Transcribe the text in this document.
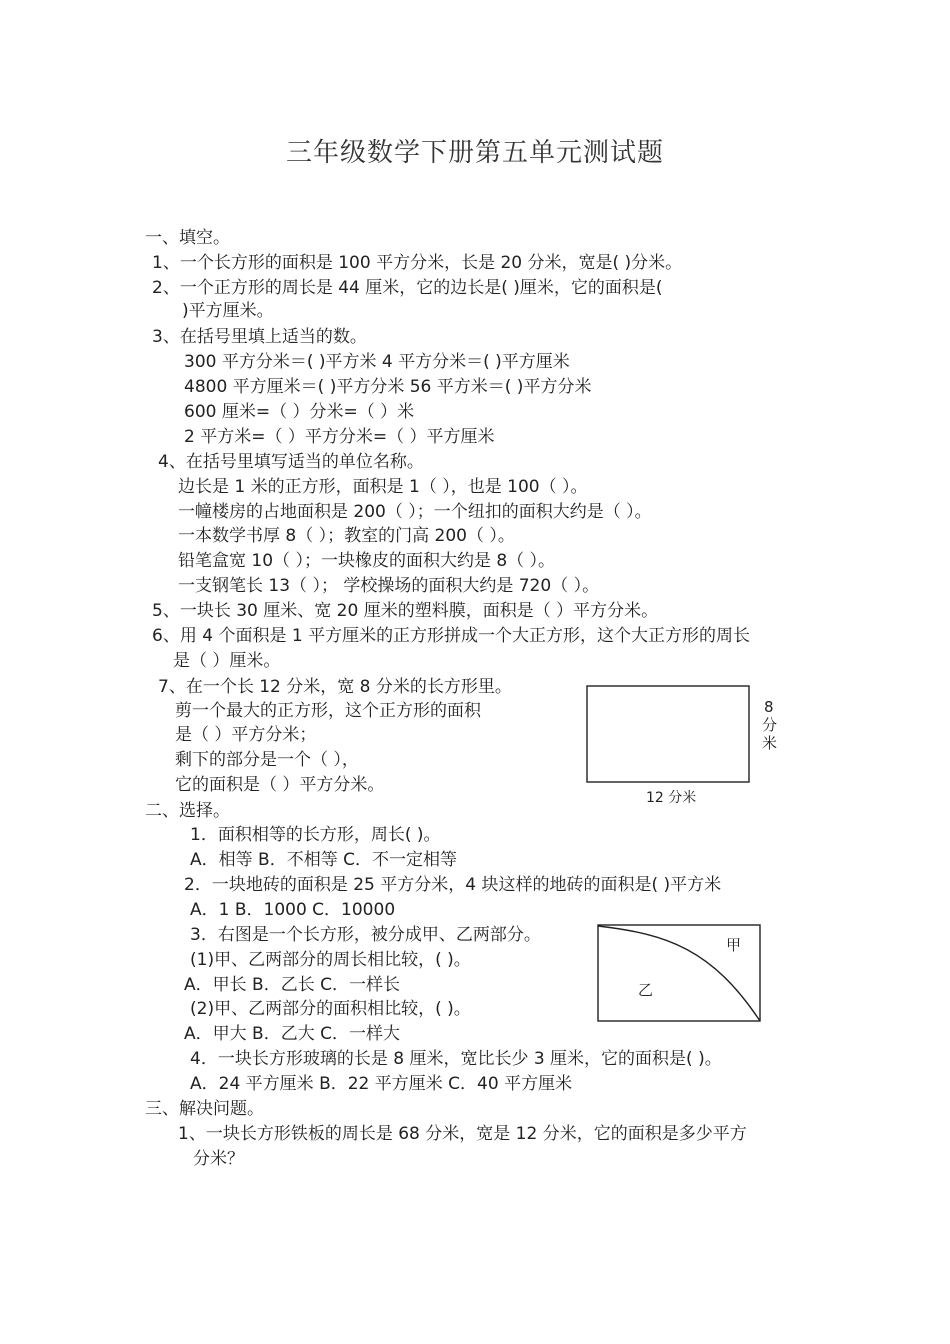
三年级数学下册第五单元测试题
一、填空。
1、一个长方形的面积是 100 平方分米，长是 20 分米，宽是( )分米。
2、一个正方形的周长是 44 厘米，它的边长是( )厘米，它的面积是(
)平方厘米。
3、在括号里填上适当的数。
300 平方分米＝( )平方米 4 平方分米＝( )平方厘米
4800 平方厘米＝( )平方分米 56 平方米＝( )平方分米
600 厘米=（ ）分米=（ ）米
2 平方米=（ ）平方分米=（ ）平方厘米
4、在括号里填写适当的单位名称。
边长是 1 米的正方形，面积是 1（ ），也是 100（ ）。
一幢楼房的占地面积是 200（ ）；一个纽扣的面积大约是（ ）。
一本数学书厚 8（ ）；教室的门高 200（ ）。
铅笔盒宽 10（ ）；一块橡皮的面积大约是 8（ ）。
一支钢笔长 13（ ）； 学校操场的面积大约是 720（ ）。
5、一块长 30 厘米、宽 20 厘米的塑料膜，面积是（ ）平方分米。
6、用 4 个面积是 1 平方厘米的正方形拼成一个大正方形，这个大正方形的周长
是（ ）厘米。
7、在一个长 12 分米，宽 8 分米的长方形里。
剪一个最大的正方形，这个正方形的面积
是（ ）平方分米；
剩下的部分是一个（ ），
它的面积是（ ）平方分米。
8
分
米
12 分米
二、选择。
1．面积相等的长方形，周长( )。
A．相等 B．不相等 C．不一定相等
2．一块地砖的面积是 25 平方分米，4 块这样的地砖的面积是( )平方米
A．1 B．1000 C．10000
3．右图是一个长方形，被分成甲、乙两部分。
(1)甲、乙两部分的周长相比较，( )。
A．甲长 B．乙长 C．一样长
(2)甲、乙两部分的面积相比较，( )。
A．甲大 B．乙大 C．一样大
4．一块长方形玻璃的长是 8 厘米，宽比长少 3 厘米，它的面积是( )。
A．24 平方厘米 B．22 平方厘米 C．40 平方厘米
甲
乙
三、解决问题。
1、一块长方形铁板的周长是 68 分米，宽是 12 分米，它的面积是多少平方
分米？
